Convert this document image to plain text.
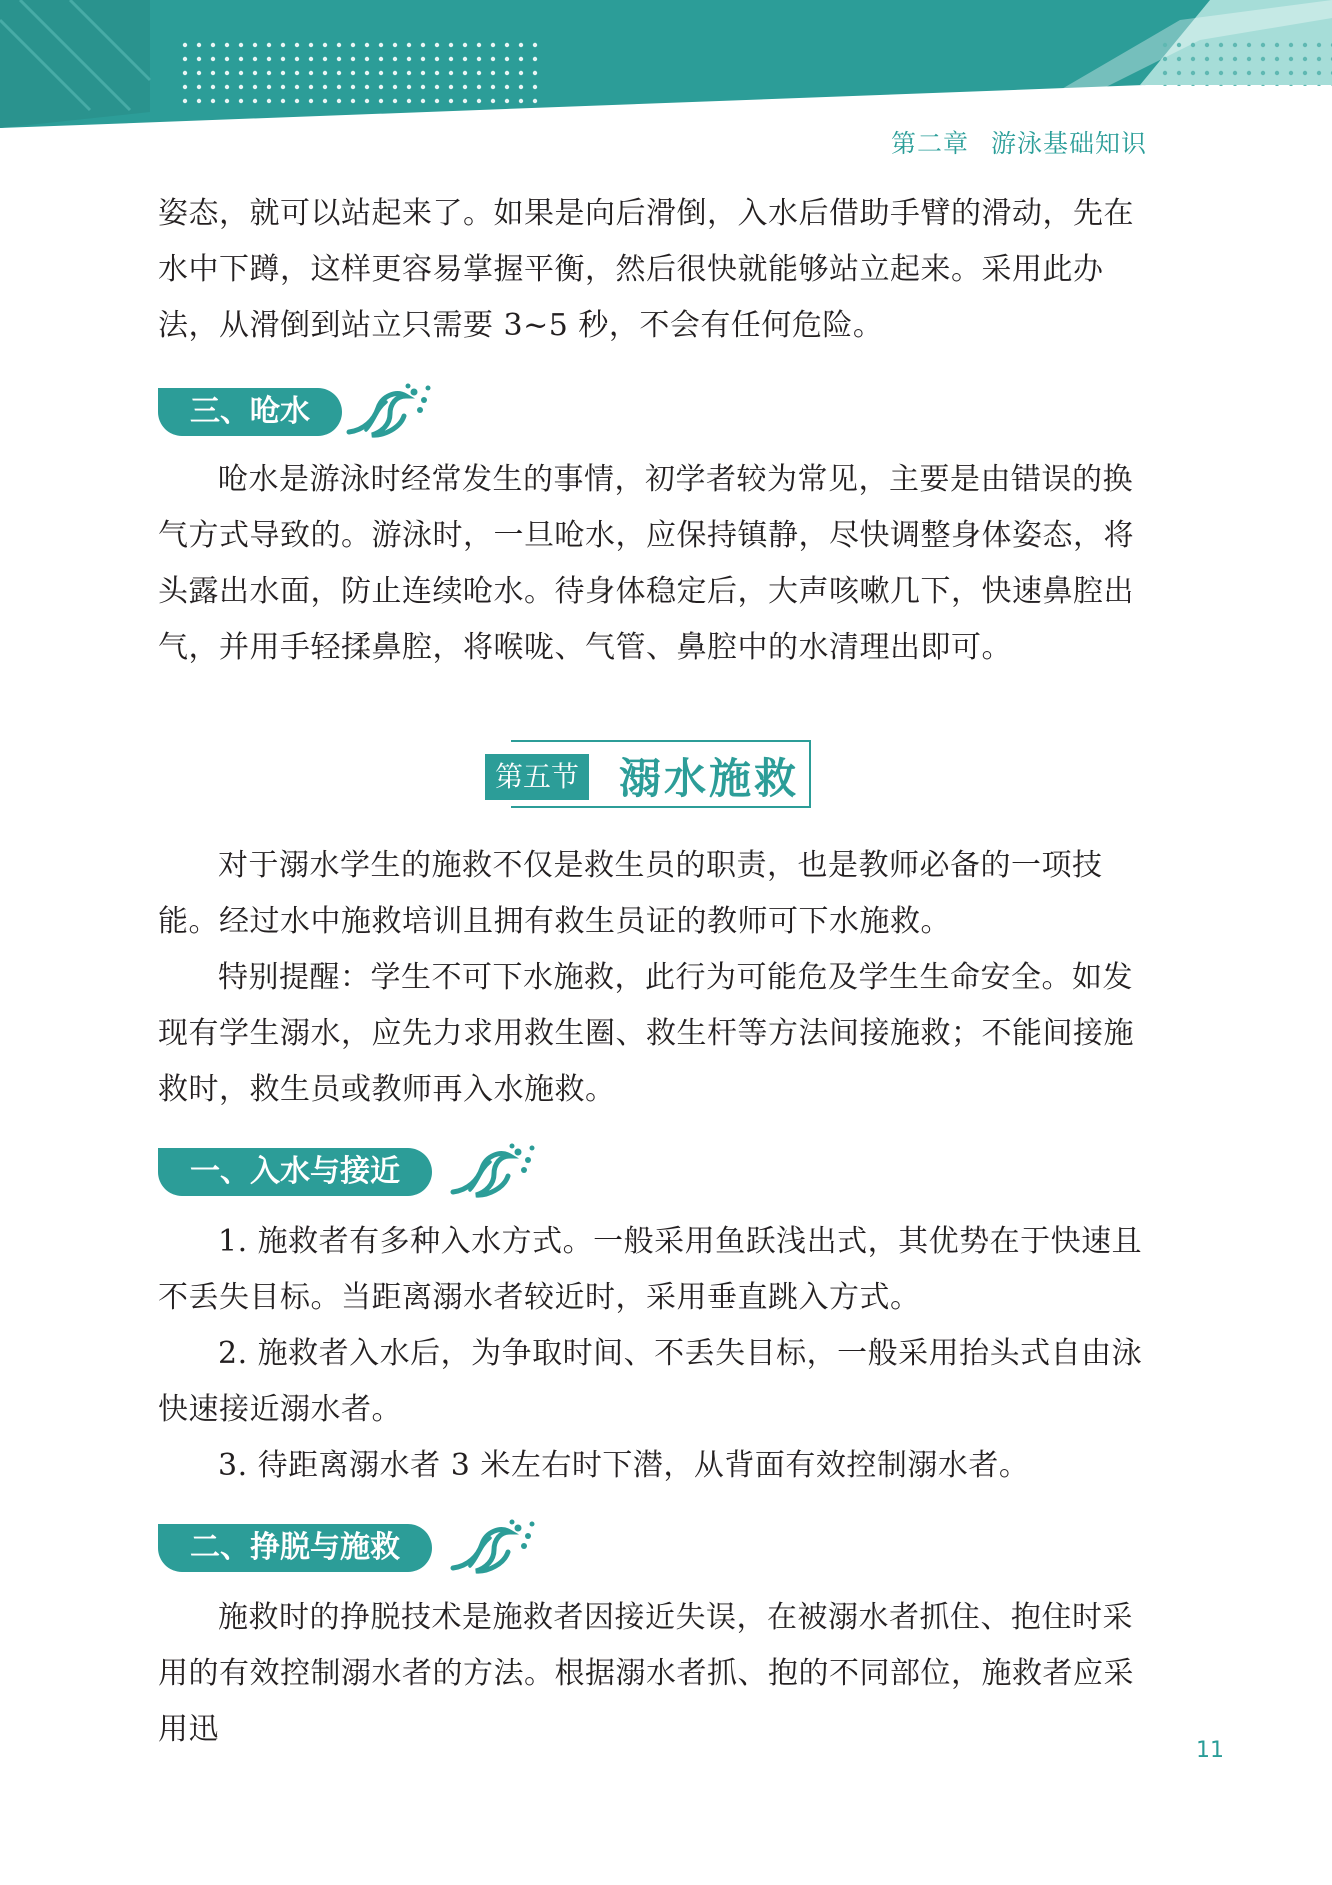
第二章 游泳基础知识

姿态，就可以站起来了。如果是向后滑倒，入水后借助手臂的滑动，先在水中下蹲，这样更容易掌握平衡，然后很快就能够站立起来。采用此办法，从滑倒到站立只需要 3~5 秒，不会有任何危险。

三、呛水

呛水是游泳时经常发生的事情，初学者较为常见，主要是由错误的换气方式导致的。游泳时，一旦呛水，应保持镇静，尽快调整身体姿态，将头露出水面，防止连续呛水。待身体稳定后，大声咳嗽几下，快速鼻腔出气，并用手轻揉鼻腔，将喉咙、气管、鼻腔中的水清理出即可。

第五节 溺水施救

对于溺水学生的施救不仅是救生员的职责，也是教师必备的一项技能。经过水中施救培训且拥有救生员证的教师可下水施救。

特别提醒：学生不可下水施救，此行为可能危及学生生命安全。如发现有学生溺水，应先力求用救生圈、救生杆等方法间接施救；不能间接施救时，救生员或教师再入水施救。

一、入水与接近

1. 施救者有多种入水方式。一般采用鱼跃浅出式，其优势在于快速且不丢失目标。当距离溺水者较近时，采用垂直跳入方式。

2. 施救者入水后，为争取时间、不丢失目标，一般采用抬头式自由泳快速接近溺水者。

3. 待距离溺水者 3 米左右时下潜，从背面有效控制溺水者。

二、挣脱与施救

施救时的挣脱技术是施救者因接近失误，在被溺水者抓住、抱住时采用的有效控制溺水者的方法。根据溺水者抓、抱的不同部位，施救者应采用迅

11
